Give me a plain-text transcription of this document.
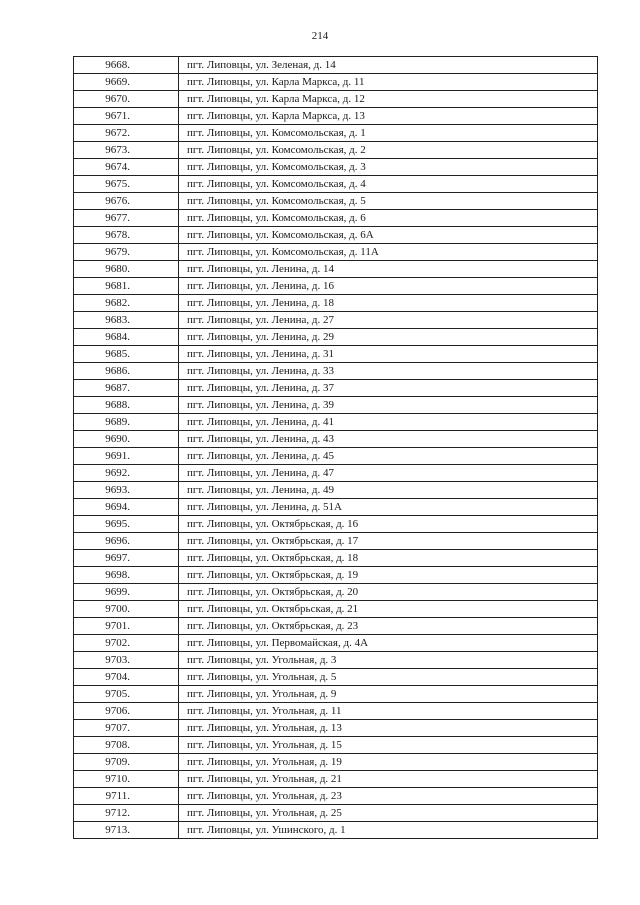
214
9668.	пгт. Липовцы, ул. Зеленая, д. 14
9669.	пгт. Липовцы, ул. Карла Маркса, д. 11
9670.	пгт. Липовцы, ул. Карла Маркса, д. 12
9671.	пгт. Липовцы, ул. Карла Маркса, д. 13
9672.	пгт. Липовцы, ул. Комсомольская, д. 1
9673.	пгт. Липовцы, ул. Комсомольская, д. 2
9674.	пгт. Липовцы, ул. Комсомольская, д. 3
9675.	пгт. Липовцы, ул. Комсомольская, д. 4
9676.	пгт. Липовцы, ул. Комсомольская, д. 5
9677.	пгт. Липовцы, ул. Комсомольская, д. 6
9678.	пгт. Липовцы, ул. Комсомольская, д. 6А
9679.	пгт. Липовцы, ул. Комсомольская, д. 11А
9680.	пгт. Липовцы, ул. Ленина, д. 14
9681.	пгт. Липовцы, ул. Ленина, д. 16
9682.	пгт. Липовцы, ул. Ленина, д. 18
9683.	пгт. Липовцы, ул. Ленина, д. 27
9684.	пгт. Липовцы, ул. Ленина, д. 29
9685.	пгт. Липовцы, ул. Ленина, д. 31
9686.	пгт. Липовцы, ул. Ленина, д. 33
9687.	пгт. Липовцы, ул. Ленина, д. 37
9688.	пгт. Липовцы, ул. Ленина, д. 39
9689.	пгт. Липовцы, ул. Ленина, д. 41
9690.	пгт. Липовцы, ул. Ленина, д. 43
9691.	пгт. Липовцы, ул. Ленина, д. 45
9692.	пгт. Липовцы, ул. Ленина, д. 47
9693.	пгт. Липовцы, ул. Ленина, д. 49
9694.	пгт. Липовцы, ул. Ленина, д. 51А
9695.	пгт. Липовцы, ул. Октябрьская, д. 16
9696.	пгт. Липовцы, ул. Октябрьская, д. 17
9697.	пгт. Липовцы, ул. Октябрьская, д. 18
9698.	пгт. Липовцы, ул. Октябрьская, д. 19
9699.	пгт. Липовцы, ул. Октябрьская, д. 20
9700.	пгт. Липовцы, ул. Октябрьская, д. 21
9701.	пгт. Липовцы, ул. Октябрьская, д. 23
9702.	пгт. Липовцы, ул. Первомайская, д. 4А
9703.	пгт. Липовцы, ул. Угольная, д. 3
9704.	пгт. Липовцы, ул. Угольная, д. 5
9705.	пгт. Липовцы, ул. Угольная, д. 9
9706.	пгт. Липовцы, ул. Угольная, д. 11
9707.	пгт. Липовцы, ул. Угольная, д. 13
9708.	пгт. Липовцы, ул. Угольная, д. 15
9709.	пгт. Липовцы, ул. Угольная, д. 19
9710.	пгт. Липовцы, ул. Угольная, д. 21
9711.	пгт. Липовцы, ул. Угольная, д. 23
9712.	пгт. Липовцы, ул. Угольная, д. 25
9713.	пгт. Липовцы, ул. Ушинского, д. 1
